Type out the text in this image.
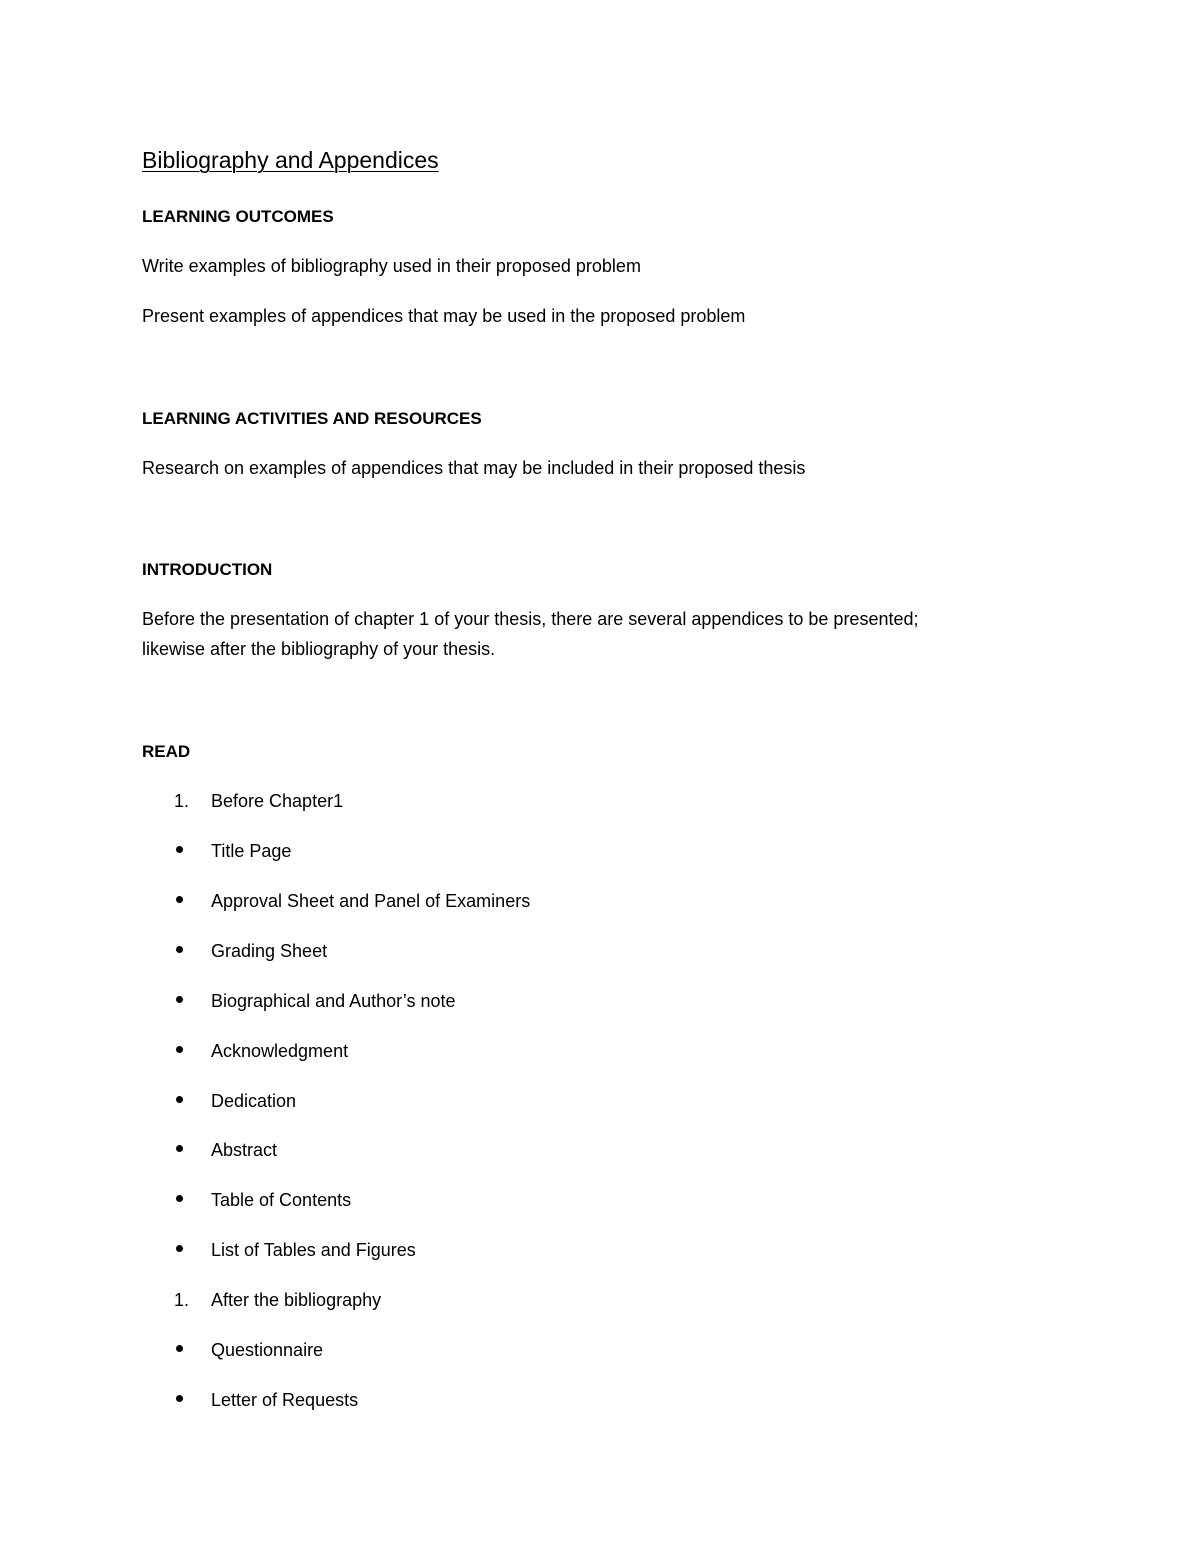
Bibliography and Appendices
LEARNING OUTCOMES
Write examples of bibliography used in their proposed problem
Present examples of appendices that may be used in the proposed problem
LEARNING ACTIVITIES AND RESOURCES
Research on examples of appendices that may be included in their proposed thesis
INTRODUCTION
Before the presentation of chapter 1 of your thesis, there are several appendices to be presented;
likewise after the bibliography of your thesis.
READ
1.	Before Chapter1
Title Page
Approval Sheet and Panel of Examiners
Grading Sheet
Biographical and Author’s note
Acknowledgment
Dedication
Abstract
Table of Contents
List of Tables and Figures
1.	After the bibliography
Questionnaire
Letter of Requests
